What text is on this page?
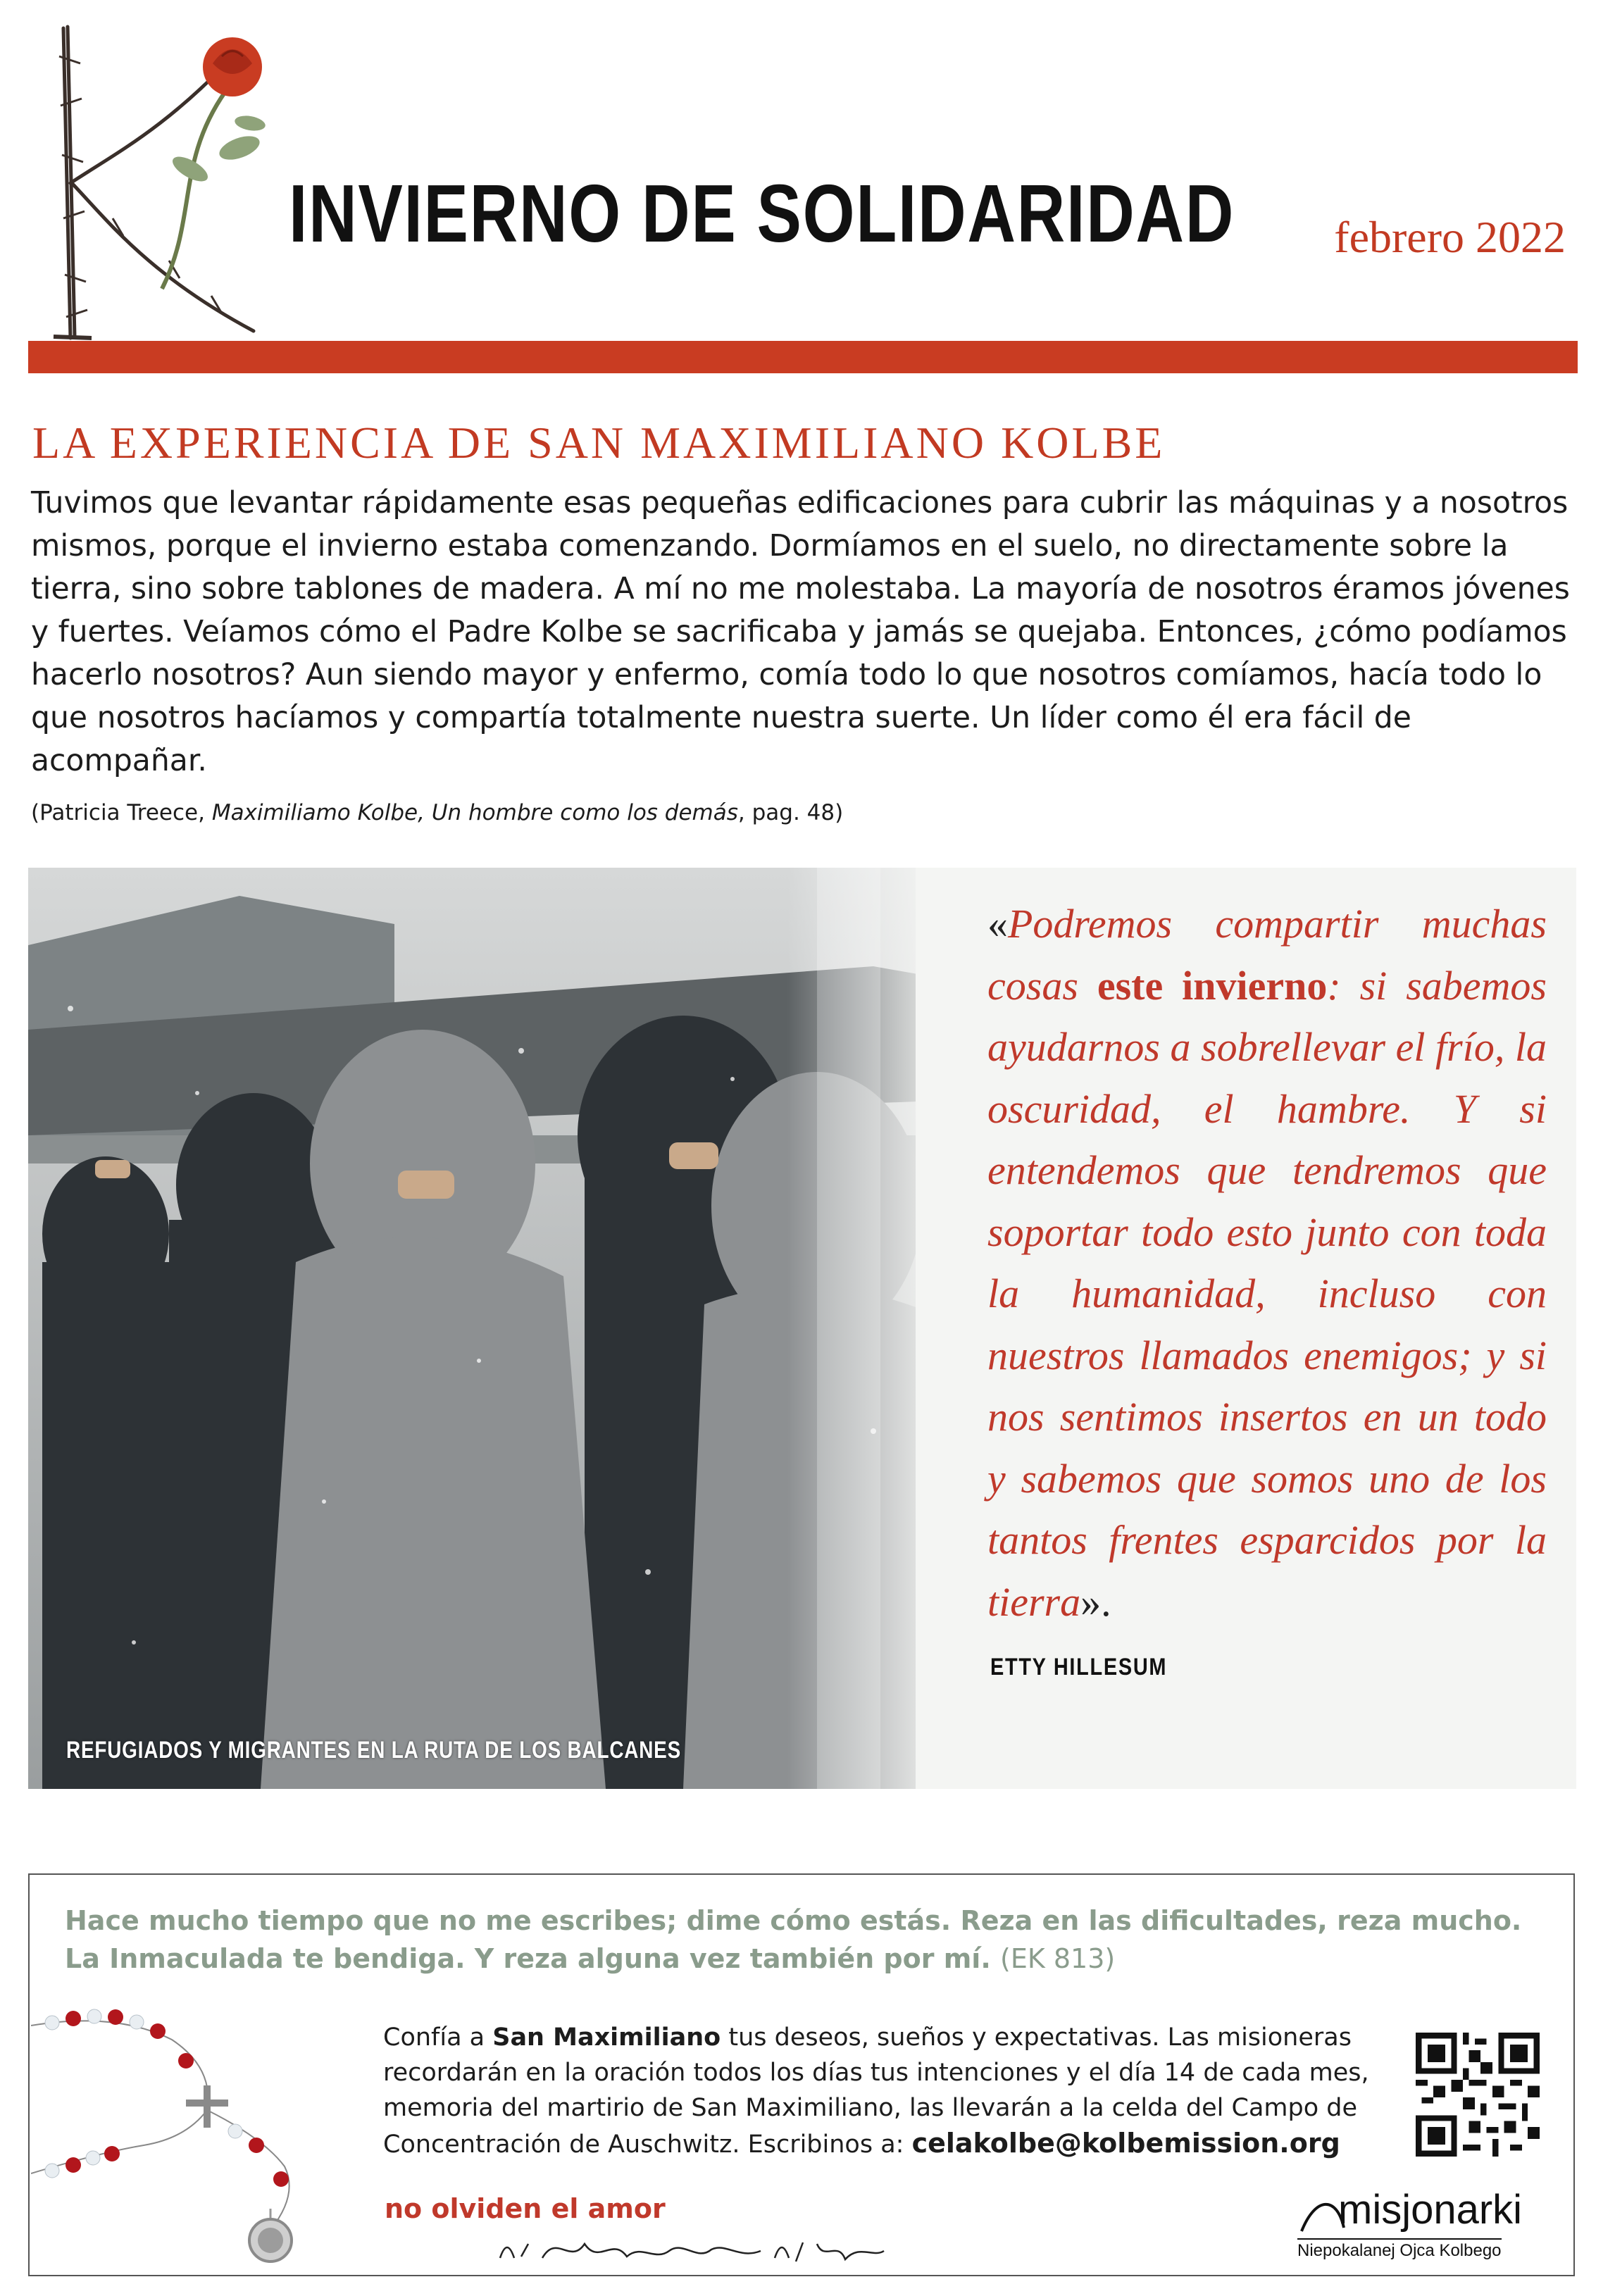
INVIERNO DE SOLIDARIDAD febrero 2022
LA EXPERIENCIA DE SAN MAXIMILIANO KOLBE

Tuvimos que levantar rápidamente esas pequeñas edificaciones para cubrir las máquinas y a nosotros mismos, porque el invierno estaba comenzando. Dormíamos en el suelo, no directamente sobre la tierra, sino sobre tablones de madera. A mí no me molestaba. La mayoría de nosotros éramos jóvenes y fuertes. Veíamos cómo el Padre Kolbe se sacrificaba y jamás se quejaba. Entonces, ¿cómo podíamos hacerlo nosotros? Aun siendo mayor y enfermo, comía todo lo que nosotros comíamos, hacía todo lo que nosotros hacíamos y compartía totalmente nuestra suerte. Un líder como él era fácil de acompañar.

(Patricia Treece, Maximiliamo Kolbe, Un hombre como los demás, pag. 48)
«Podremos compartir muchas cosas este invierno: si sabemos ayudarnos a sobrellevar el frío, la oscuridad, el hambre. Y si entendemos que tendremos que soportar todo esto junto con toda la humanidad, incluso con nuestros llamados enemigos; y si nos sentimos insertos en un todo y sabemos que somos uno de los tantos frentes esparcidos por la tierra».
ETTY HILLESUM
REFUGIADOS Y MIGRANTES EN LA RUTA DE LOS BALCANES
Hace mucho tiempo que no me escribes; dime cómo estás. Reza en las dificultades, reza mucho. La Inmaculada te bendiga. Y reza alguna vez también por mí. (EK 813)
Confía a San Maximiliano tus deseos, sueños y expectativas. Las misioneras recordarán en la oración todos los días tus intenciones y el día 14 de cada mes, memoria del martirio de San Maximiliano, las llevarán a la celda del Campo de Concentración de Auschwitz. Escribinos a: celakolbe@kolbemission.org
no olviden el amor	misjonarki
Niepokalanej Ojca Kolbego
